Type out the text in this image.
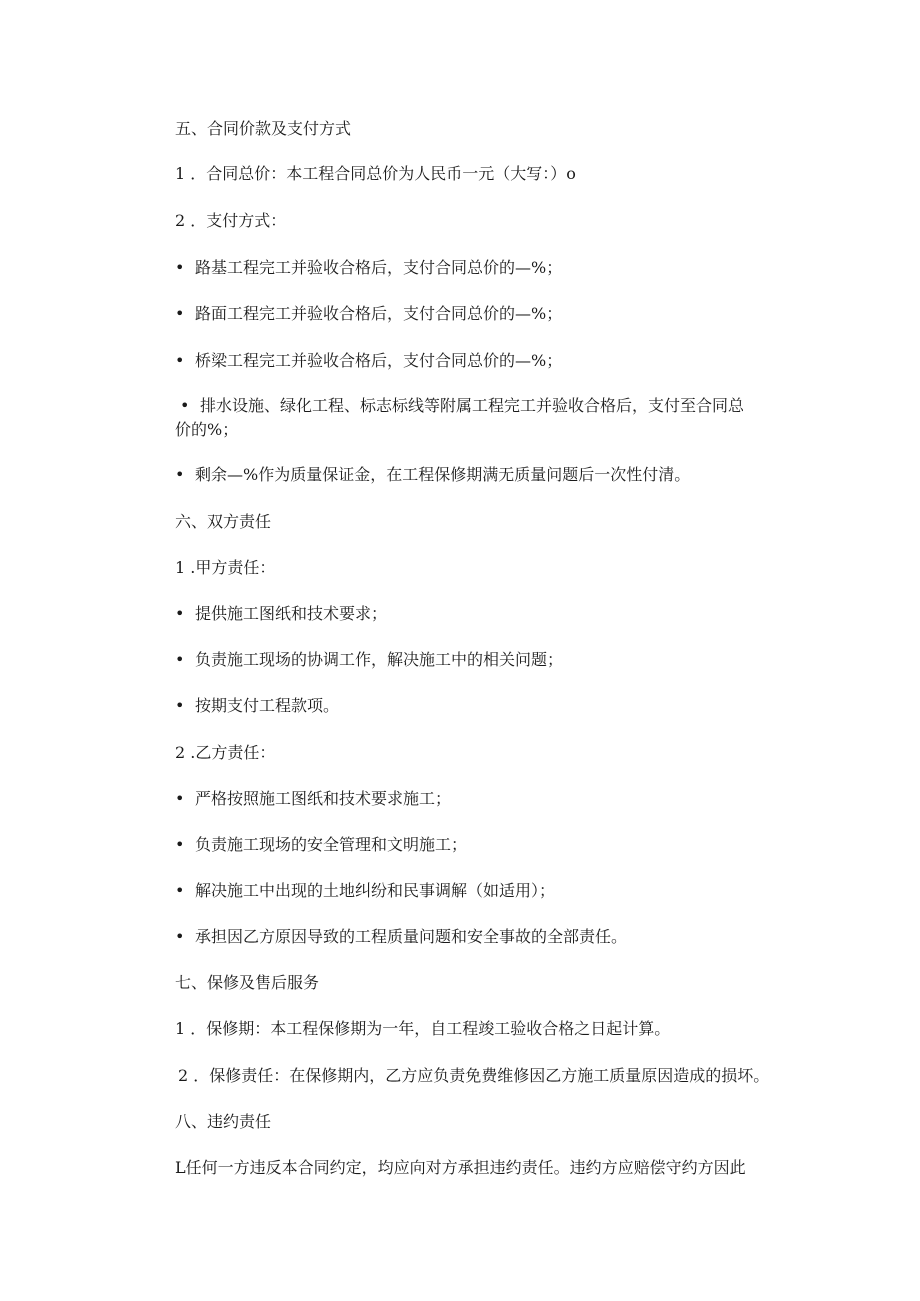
五、合同价款及支付方式
1 ．合同总价：本工程合同总价为人民币一元（大写：）o
2 ．支付方式：
• 路基工程完工并验收合格后，支付合同总价的—%；
• 路面工程完工并验收合格后，支付合同总价的—%；
• 桥梁工程完工并验收合格后，支付合同总价的—%；
• 排水设施、绿化工程、标志标线等附属工程完工并验收合格后，支付至合同总
价的%；
• 剩余—%作为质量保证金，在工程保修期满无质量问题后一次性付清。
六、双方责任
1 .甲方责任：
• 提供施工图纸和技术要求；
• 负责施工现场的协调工作，解决施工中的相关问题；
• 按期支付工程款项。
2 .乙方责任：
• 严格按照施工图纸和技术要求施工；
• 负责施工现场的安全管理和文明施工；
• 解决施工中出现的土地纠纷和民事调解（如适用）；
• 承担因乙方原因导致的工程质量问题和安全事故的全部责任。
七、保修及售后服务
1 ．保修期：本工程保修期为一年，自工程竣工验收合格之日起计算。
2 ．保修责任：在保修期内，乙方应负责免费维修因乙方施工质量原因造成的损坏。
八、违约责任
L任何一方违反本合同约定，均应向对方承担违约责任。违约方应赔偿守约方因此
